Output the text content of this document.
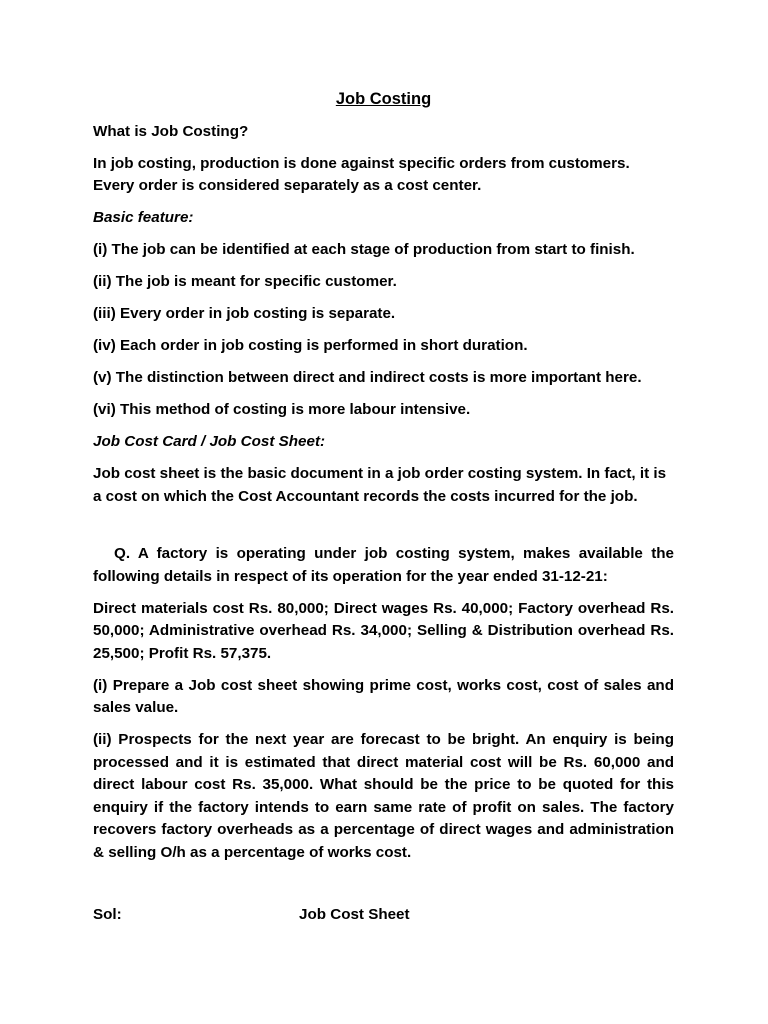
Job Costing
What is Job Costing?
In job costing, production is done against specific orders from customers. Every order is considered separately as a cost center.
Basic feature:
(i) The job can be identified at each stage of production from start to finish.
(ii) The job is meant for specific customer.
(iii) Every order in job costing is separate.
(iv) Each order in job costing is performed in short duration.
(v) The distinction between direct and indirect costs is more important here.
(vi) This method of costing is more labour intensive.
Job Cost Card / Job Cost Sheet:
Job cost sheet is the basic document in a job order costing system. In fact, it is a cost on which the Cost Accountant records the costs incurred for the job.
Q. A factory is operating under job costing system, makes available the following details in respect of its operation for the year ended 31-12-21:
Direct materials cost Rs. 80,000; Direct wages Rs. 40,000; Factory overhead Rs. 50,000; Administrative overhead Rs. 34,000; Selling & Distribution overhead Rs. 25,500; Profit Rs. 57,375.
(i) Prepare a Job cost sheet showing prime cost, works cost, cost of sales and sales value.
(ii) Prospects for the next year are forecast to be bright. An enquiry is being processed and it is estimated that direct material cost will be Rs. 60,000 and direct labour cost Rs. 35,000. What should be the price to be quoted for this enquiry if the factory intends to earn same rate of profit on sales. The factory recovers factory overheads as a percentage of direct wages and administration & selling O/h as a percentage of works cost.
Sol:	Job Cost Sheet
